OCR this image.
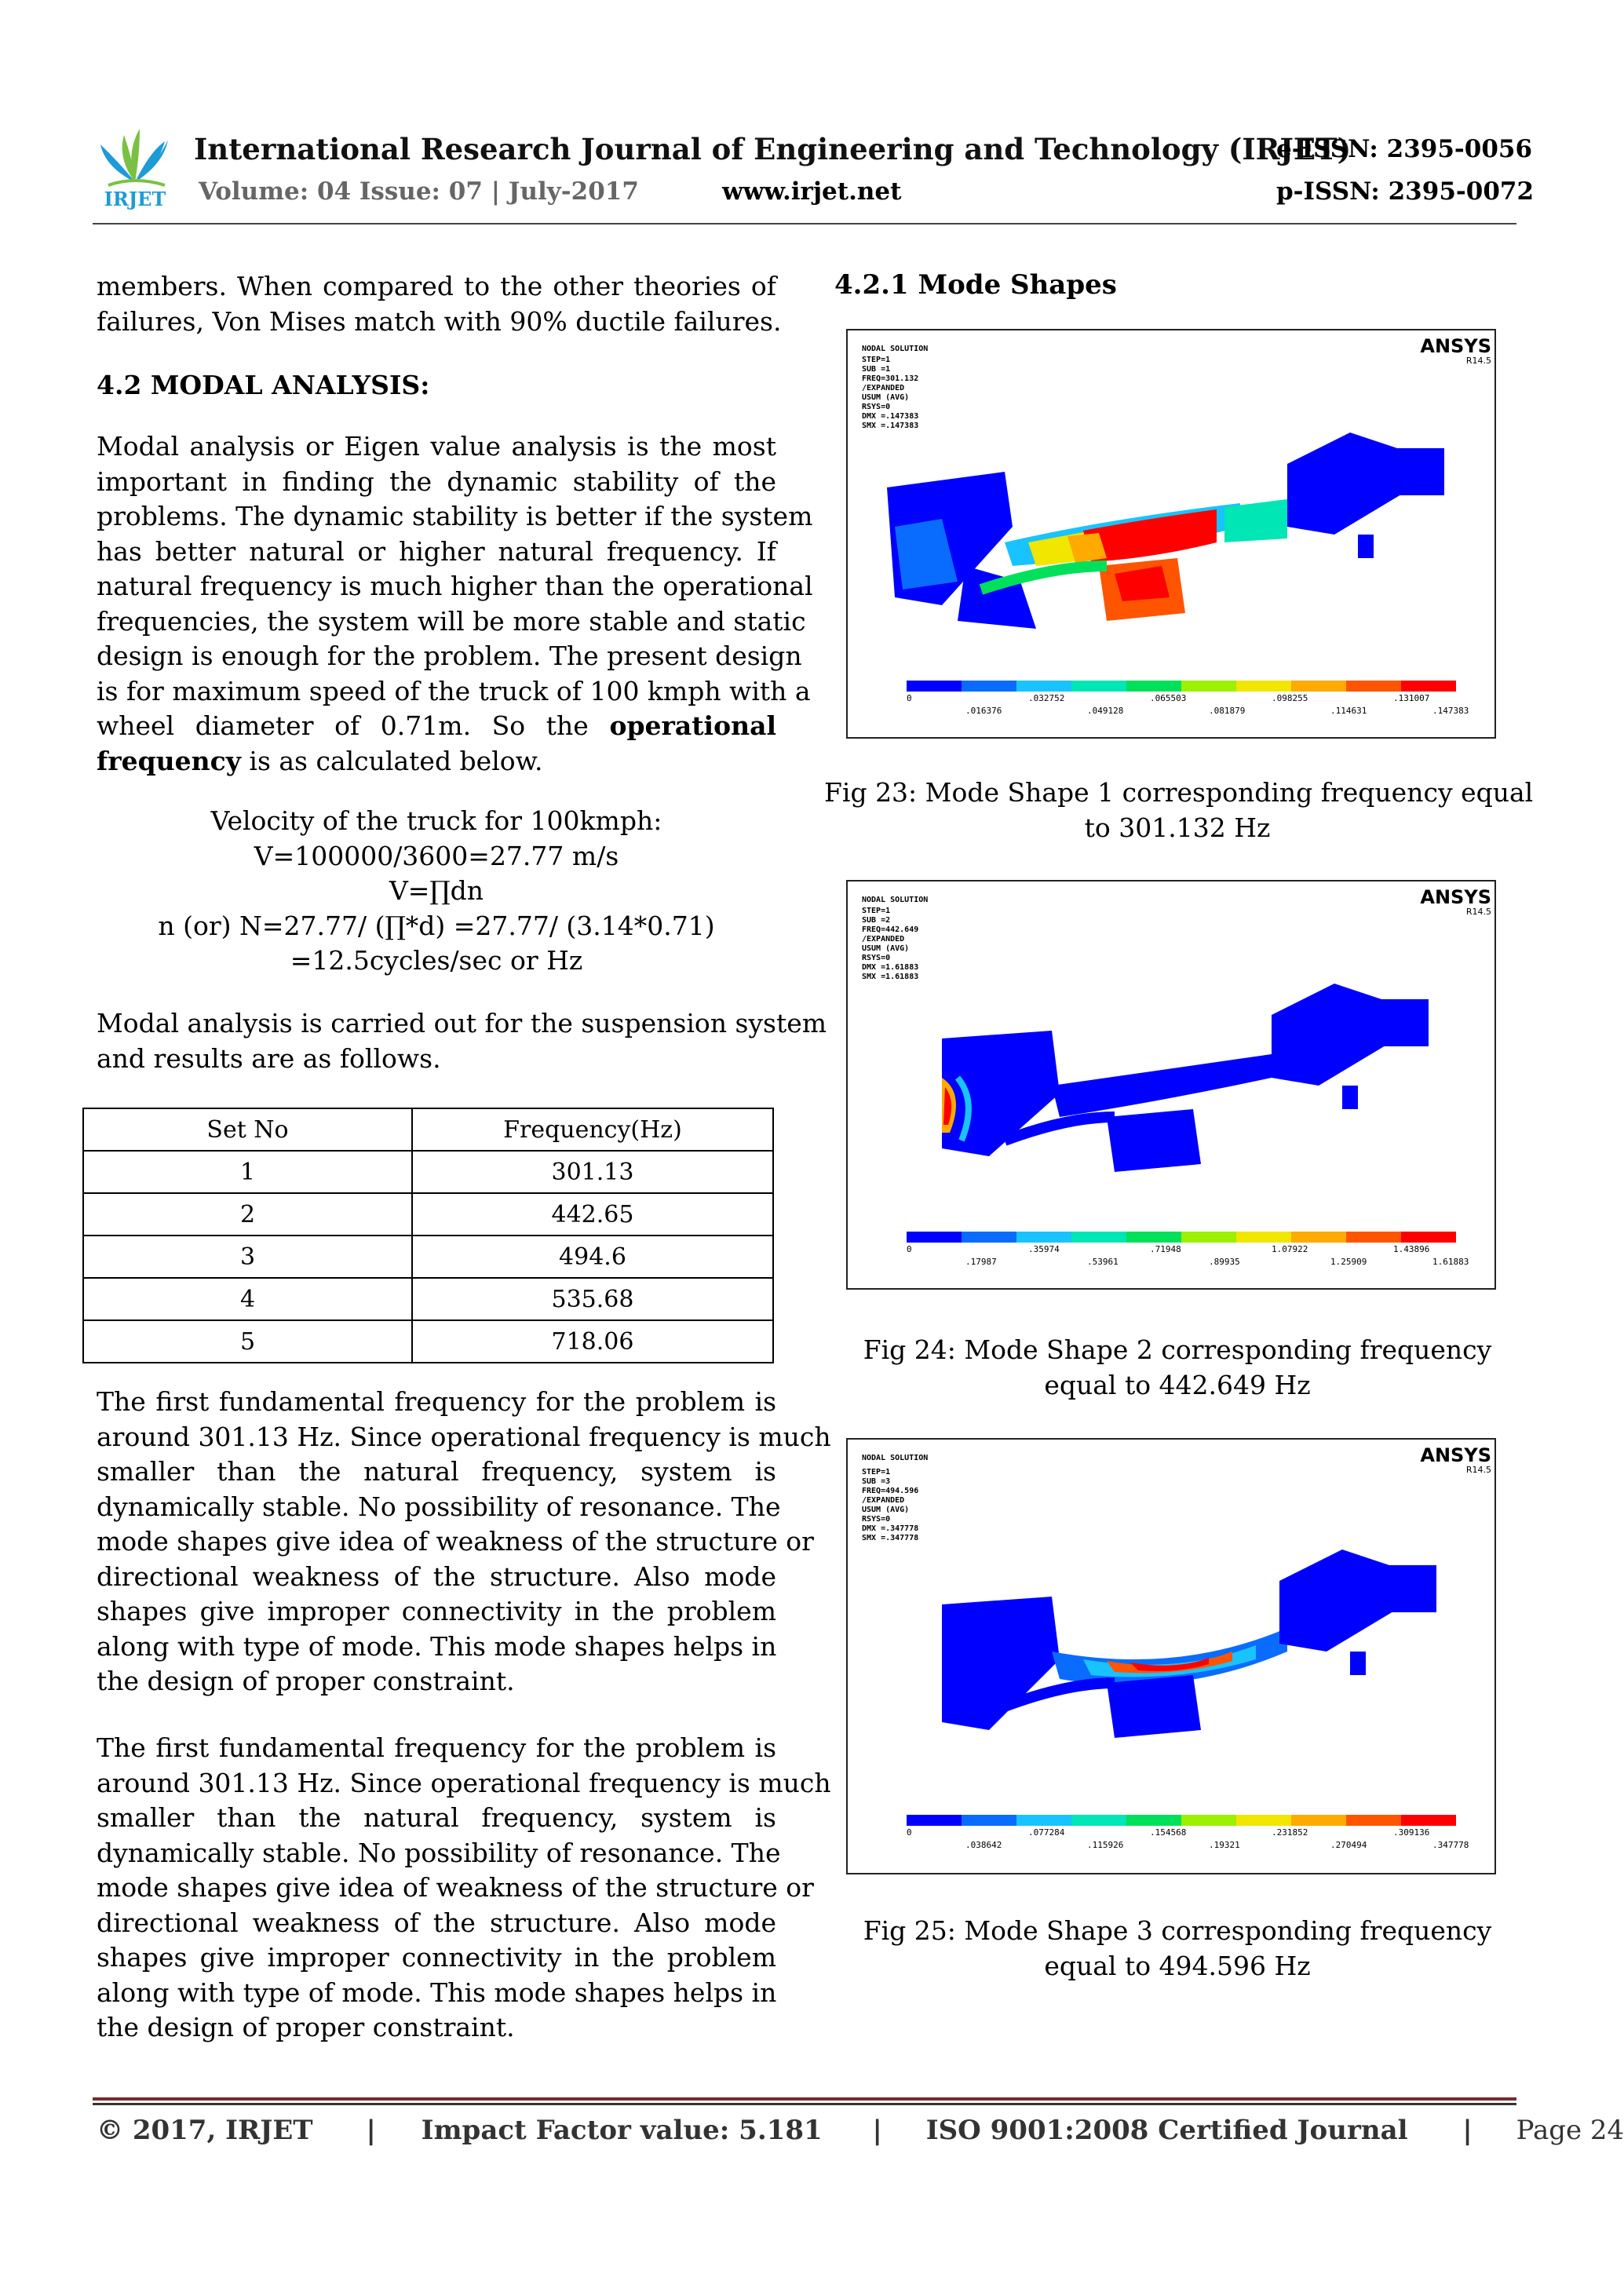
IRJET
International Research Journal of Engineering and Technology (IRJET)
e-ISSN: 2395-0056
Volume: 04 Issue: 07 | July-2017	www.irjet.net	p-ISSN: 2395-0072
members. When compared to the other theories of
failures, Von Mises match with 90% ductile failures.
4.2 MODAL ANALYSIS:
Modal analysis or Eigen value analysis is the most
important in finding the dynamic stability of the
problems. The dynamic stability is better if the system
has better natural or higher natural frequency. If
natural frequency is much higher than the operational
frequencies, the system will be more stable and static
design is enough for the problem. The present design
is for maximum speed of the truck of 100 kmph with a
wheel diameter of 0.71m. So the operational
frequency is as calculated below.
Velocity of the truck for 100kmph:
V=100000/3600=27.77 m/s
V=∏dn
n (or) N=27.77/ (∏*d) =27.77/ (3.14*0.71)
=12.5cycles/sec or Hz
Modal analysis is carried out for the suspension system
and results are as follows.
Set No	Frequency(Hz)
1	301.13
2	442.65
3	494.6
4	535.68
5	718.06
The first fundamental frequency for the problem is
around 301.13 Hz. Since operational frequency is much
smaller than the natural frequency, system is
dynamically stable. No possibility of resonance. The
mode shapes give idea of weakness of the structure or
directional weakness of the structure. Also mode
shapes give improper connectivity in the problem
along with type of mode. This mode shapes helps in
the design of proper constraint.
The first fundamental frequency for the problem is
around 301.13 Hz. Since operational frequency is much
smaller than the natural frequency, system is
dynamically stable. No possibility of resonance. The
mode shapes give idea of weakness of the structure or
directional weakness of the structure. Also mode
shapes give improper connectivity in the problem
along with type of mode. This mode shapes helps in
the design of proper constraint.
4.2.1 Mode Shapes
NODAL SOLUTION
STEP=1
SUB =1
FREQ=301.132
/EXPANDED
USUM (AVG)
RSYS=0
DMX =.147383
SMX =.147383
ANSYS
R14.5
0	.032752	.065503	.098255	.131007
.016376	.049128	.081879	.114631	.147383
Fig 23: Mode Shape 1 corresponding frequency equal
to 301.132 Hz
NODAL SOLUTION
STEP=1
SUB =2
FREQ=442.649
/EXPANDED
USUM (AVG)
RSYS=0
DMX =1.61883
SMX =1.61883
ANSYS
R14.5
0	.35974	.71948	1.07922	1.43896
.17987	.53961	.89935	1.25909	1.61883
Fig 24: Mode Shape 2 corresponding frequency
equal to 442.649 Hz
NODAL SOLUTION
STEP=1
SUB =3
FREQ=494.596
/EXPANDED
USUM (AVG)
RSYS=0
DMX =.347778
SMX =.347778
ANSYS
R14.5
0	.077284	.154568	.231852	.309136
.038642	.115926	.19321	.270494	.347778
Fig 25: Mode Shape 3 corresponding frequency
equal to 494.596 Hz
© 2017, IRJET | Impact Factor value: 5.181 | ISO 9001:2008 Certified Journal | Page 24
